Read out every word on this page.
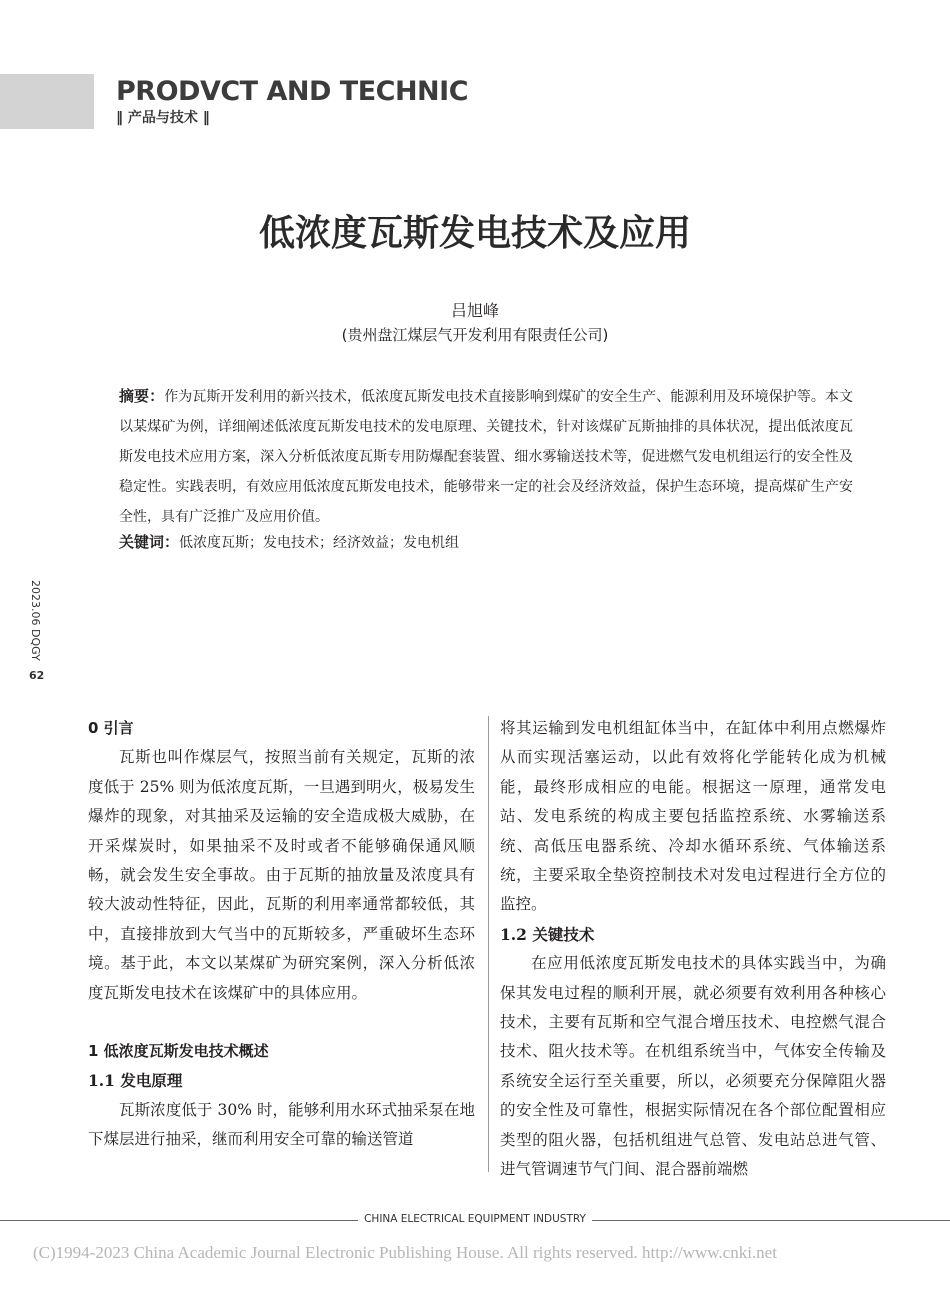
PRODVCT AND TECHNIC
‖ 产品与技术 ‖
低浓度瓦斯发电技术及应用
吕旭峰
(贵州盘江煤层气开发利用有限责任公司)
摘要：作为瓦斯开发利用的新兴技术，低浓度瓦斯发电技术直接影响到煤矿的安全生产、能源利用及环境保护等。本文以某煤矿为例，详细阐述低浓度瓦斯发电技术的发电原理、关键技术，针对该煤矿瓦斯抽排的具体状况，提出低浓度瓦斯发电技术应用方案，深入分析低浓度瓦斯专用防爆配套装置、细水雾输送技术等，促进燃气发电机组运行的安全性及稳定性。实践表明，有效应用低浓度瓦斯发电技术，能够带来一定的社会及经济效益，保护生态环境，提高煤矿生产安全性，具有广泛推广及应用价值。
关键词：低浓度瓦斯；发电技术；经济效益；发电机组
2023.06 DQGY
62

0 引言

瓦斯也叫作煤层气，按照当前有关规定，瓦斯的浓度低于 25% 则为低浓度瓦斯，一旦遇到明火，极易发生爆炸的现象，对其抽采及运输的安全造成极大威胁，在开采煤炭时，如果抽采不及时或者不能够确保通风顺畅，就会发生安全事故。由于瓦斯的抽放量及浓度具有较大波动性特征，因此，瓦斯的利用率通常都较低，其中，直接排放到大气当中的瓦斯较多，严重破坏生态环境。基于此，本文以某煤矿为研究案例，深入分析低浓度瓦斯发电技术在该煤矿中的具体应用。

1 低浓度瓦斯发电技术概述

1.1 发电原理

瓦斯浓度低于 30% 时，能够利用水环式抽采泵在地下煤层进行抽采，继而利用安全可靠的输送管道

将其运输到发电机组缸体当中，在缸体中利用点燃爆炸从而实现活塞运动，以此有效将化学能转化成为机械能，最终形成相应的电能。根据这一原理，通常发电站、发电系统的构成主要包括监控系统、水雾输送系统、高低压电器系统、冷却水循环系统、气体输送系统，主要采取全垫资控制技术对发电过程进行全方位的监控。

1.2 关键技术

在应用低浓度瓦斯发电技术的具体实践当中，为确保其发电过程的顺利开展，就必须要有效利用各种核心技术，主要有瓦斯和空气混合增压技术、电控燃气混合技术、阻火技术等。在机组系统当中，气体安全传输及系统安全运行至关重要，所以，必须要充分保障阻火器的安全性及可靠性，根据实际情况在各个部位配置相应类型的阻火器，包括机组进气总管、发电站总进气管、进气管调速节气门间、混合器前端燃

CHINA ELECTRICAL EQUIPMENT INDUSTRY
(C)1994-2023 China Academic Journal Electronic Publishing House. All rights reserved. http://www.cnki.net
